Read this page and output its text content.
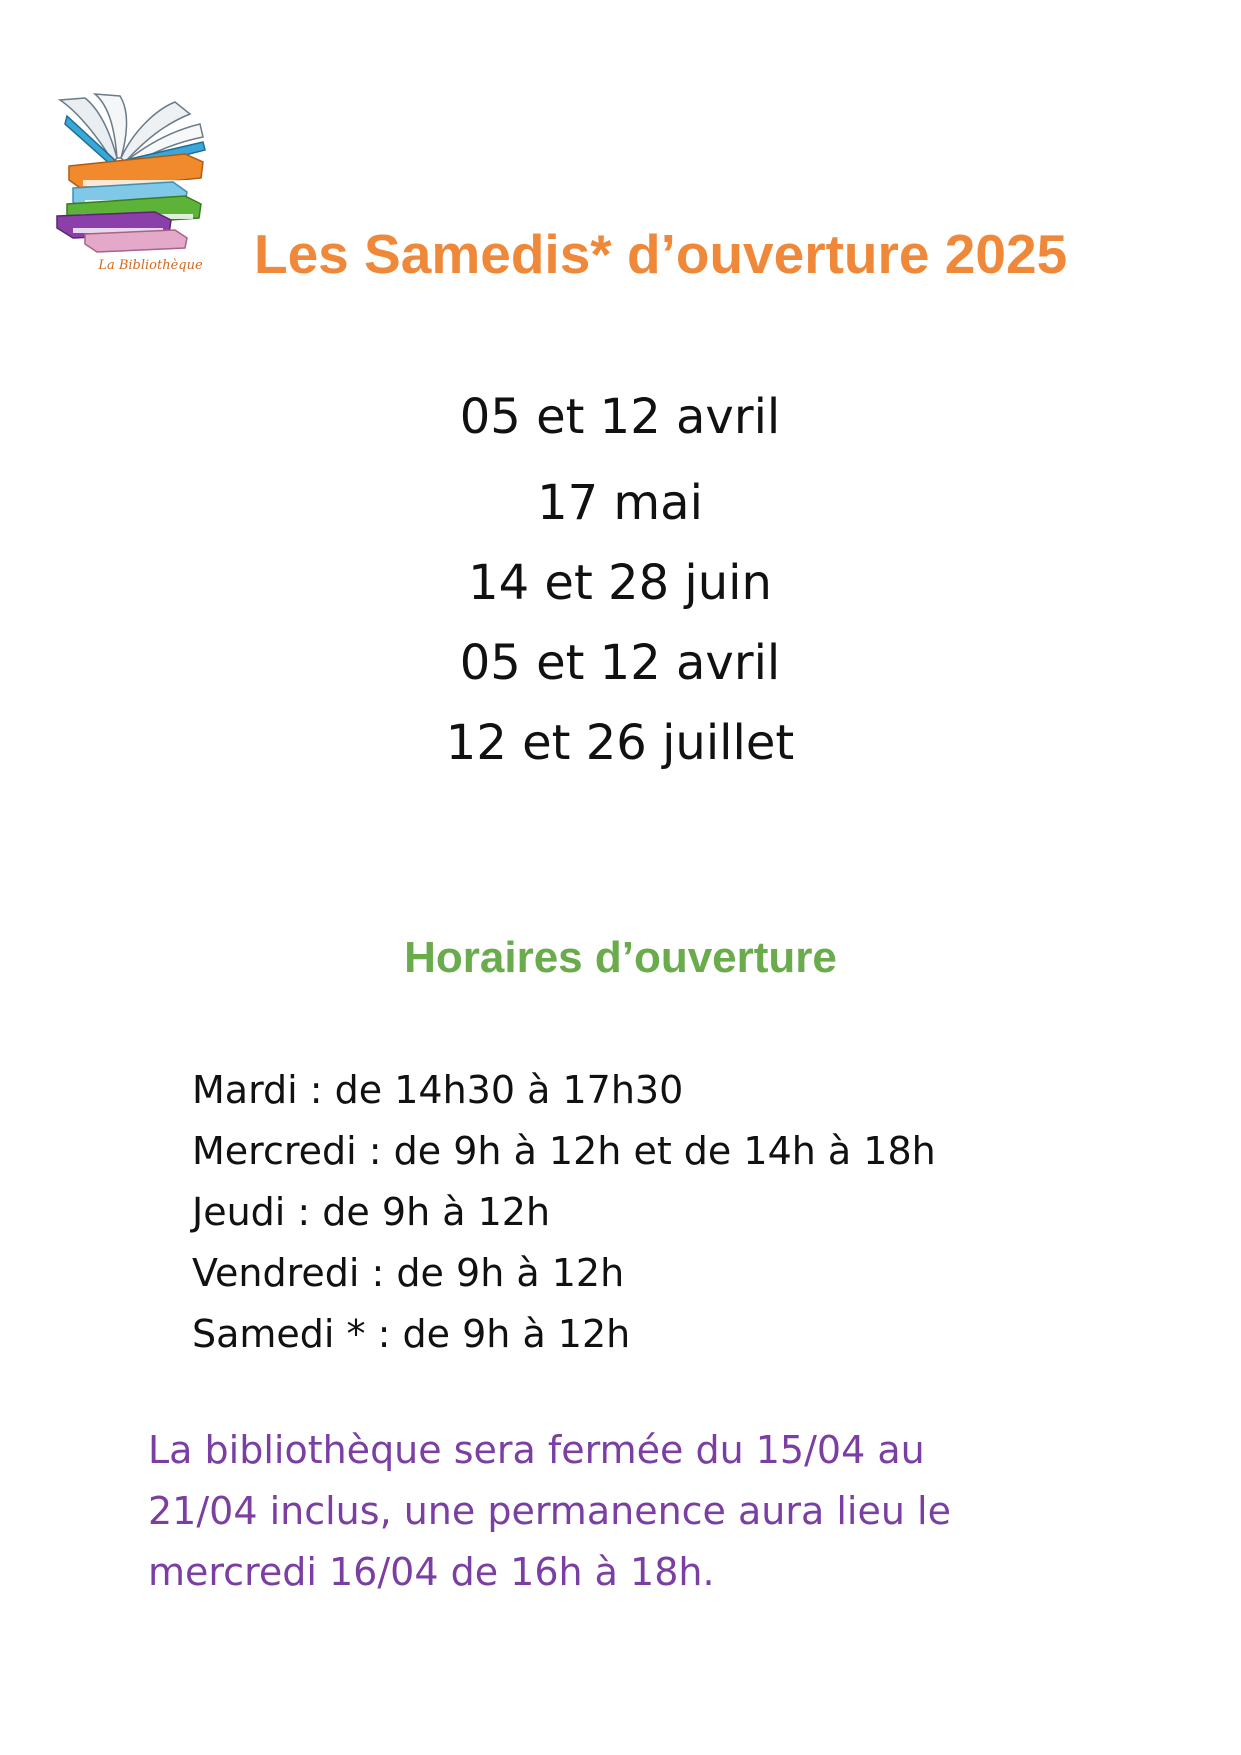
La Bibliothèque Les Samedis* d’ouverture 2025
05 et 12 avril
17 mai
14 et 28 juin
05 et 12 avril
12 et 26 juillet
Horaires d’ouverture
Mardi : de 14h30 à 17h30
Mercredi : de 9h à 12h et de 14h à 18h
Jeudi : de 9h à 12h
Vendredi : de 9h à 12h
Samedi * : de 9h à 12h
La bibliothèque sera fermée du 15/04 au
21/04 inclus, une permanence aura lieu le
mercredi 16/04 de 16h à 18h.
